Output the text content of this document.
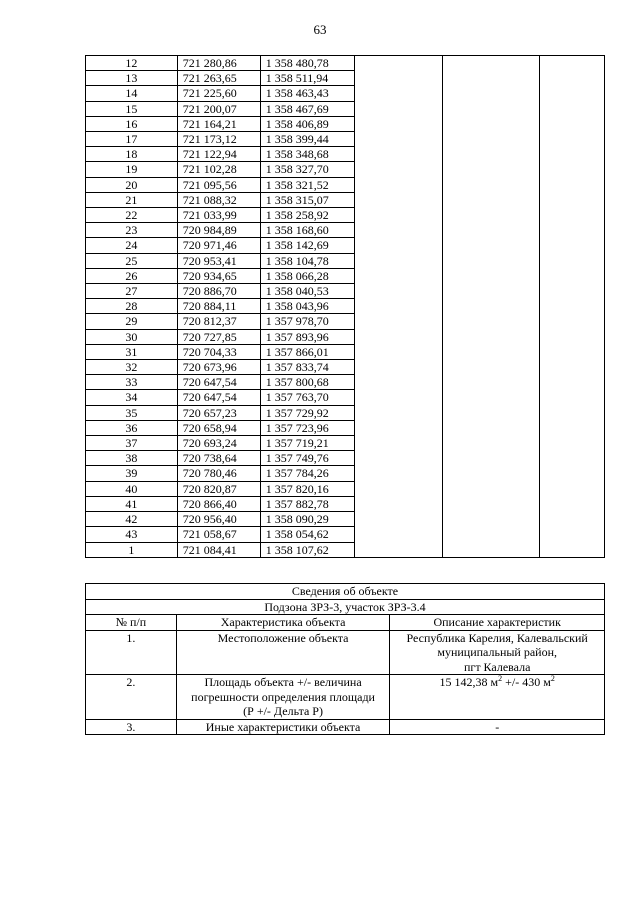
63
12	721 280,86	1 358 480,78			
13	721 263,65	1 358 511,94			
14	721 225,60	1 358 463,43			
15	721 200,07	1 358 467,69			
16	721 164,21	1 358 406,89			
17	721 173,12	1 358 399,44			
18	721 122,94	1 358 348,68			
19	721 102,28	1 358 327,70			
20	721 095,56	1 358 321,52			
21	721 088,32	1 358 315,07			
22	721 033,99	1 358 258,92			
23	720 984,89	1 358 168,60			
24	720 971,46	1 358 142,69			
25	720 953,41	1 358 104,78			
26	720 934,65	1 358 066,28			
27	720 886,70	1 358 040,53			
28	720 884,11	1 358 043,96			
29	720 812,37	1 357 978,70			
30	720 727,85	1 357 893,96			
31	720 704,33	1 357 866,01			
32	720 673,96	1 357 833,74			
33	720 647,54	1 357 800,68			
34	720 647,54	1 357 763,70			
35	720 657,23	1 357 729,92			
36	720 658,94	1 357 723,96			
37	720 693,24	1 357 719,21			
38	720 738,64	1 357 749,76			
39	720 780,46	1 357 784,26			
40	720 820,87	1 357 820,16			
41	720 866,40	1 357 882,78			
42	720 956,40	1 358 090,29			
43	721 058,67	1 358 054,62			
1	721 084,41	1 358 107,62			
Сведения об объекте		
Подзона ЗРЗ-3, участок ЗРЗ-3.4		
№ п/п	Характеристика объекта	Описание характеристик
1.	Местоположение объекта	Республика Карелия, Калевальский
муниципальный район,
пгт Калевала

2.	Площадь объекта +/- величина
погрешности определения площади
(Р +/- Дельта Р)	15 142,38 $м^2$ +/- 430 $м^2$
3.	Иные характеристики объекта	-
